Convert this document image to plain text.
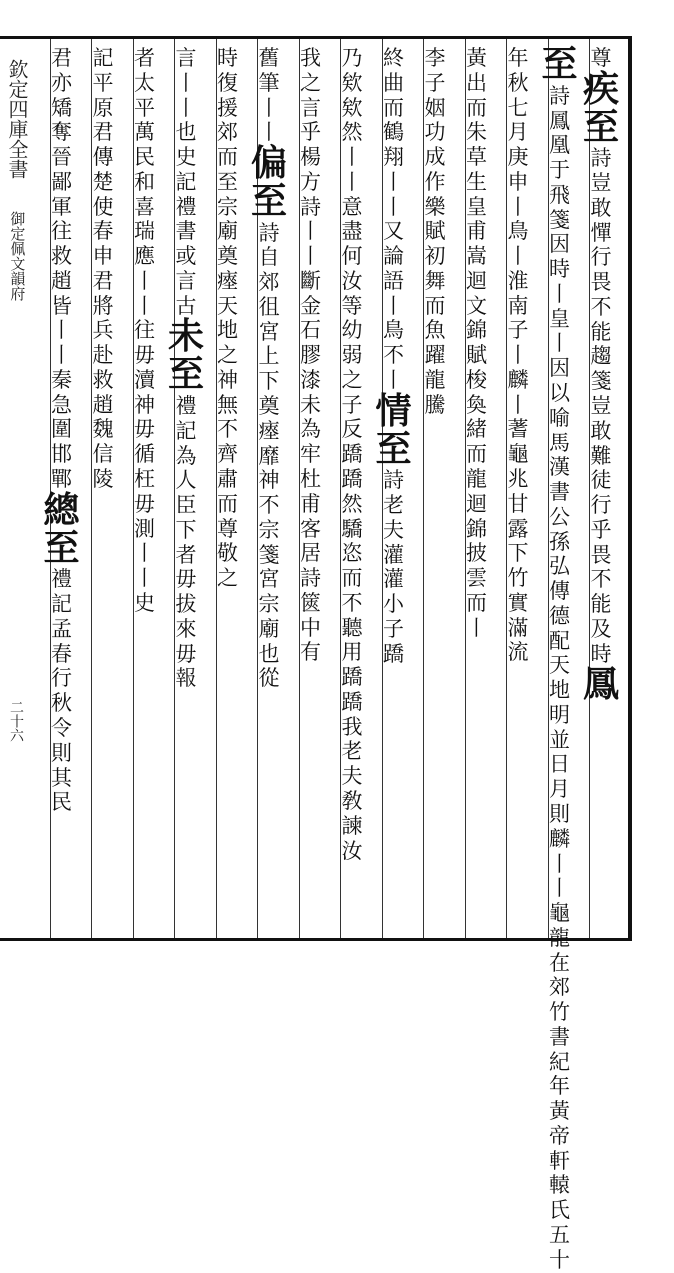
欽定四庫全書
御定佩文韻府
二十六
尊
疾
至
詩
豈
敢
憚
行
畏
不
能
趨
箋
豈
敢
難
徒
行
乎
畏
不
能
及
時
鳳
至
詩
鳳
凰
于
飛
箋
因
時
丨
皇
丨
因
以
喻
馬
漢
書
公
孫
弘
傳
德
配
天
地
明
並
日
月
則
麟
丨
丨
龜
龍
在
郊
竹
書
紀
年
黃
帝
軒
轅
氏
五
十
年
秋
七
月
庚
申
丨
鳥
丨
淮
南
子
丨
麟
丨
蓍
龜
兆
甘
露
下
竹
實
滿
流
黃
出
而
朱
草
生
皇
甫
嵩
迴
文
錦
賦
梭
奐
緒
而
龍
迴
錦
披
雲
而
丨
李
子
姻
功
成
作
樂
賦
初
舞
而
魚
躍
龍
騰
終
曲
而
鶴
翔
丨
丨
又
論
語
丨
鳥
不
丨
情
至
詩
老
夫
灌
灌
小
子
蹻
乃
欸
欸
然
丨
丨
意
盡
何
汝
等
幼
弱
之
子
反
蹻
蹻
然
驕
恣
而
不
聽
用
蹻
蹻
我
老
夫
敎
諫
汝
我
之
言
乎
楊
方
詩
丨
丨
斷
金
石
膠
漆
未
為
牢
杜
甫
客
居
詩
篋
中
有
舊
筆
丨
丨
偏
至
詩
自
郊
徂
宮
上
下
奠
瘞
靡
神
不
宗
箋
宮
宗
廟
也
從
時
復
援
郊
而
至
宗
廟
奠
瘞
天
地
之
神
無
不
齊
肅
而
尊
敬
之
言
丨
丨
也
史
記
禮
書
或
言
古
未
至
禮
記
為
人
臣
下
者
毋
拔
來
毋
報
者
太
平
萬
民
和
喜
瑞
應
丨
丨
往
毋
瀆
神
毋
循
枉
毋
測
丨
丨
史
記
平
原
君
傳
楚
使
春
申
君
將
兵
赴
救
趙
魏
信
陵
君
亦
矯
奪
晉
鄙
軍
往
救
趙
皆
丨
丨
秦
急
圍
邯
鄲
總
至
禮
記
孟
春
行
秋
令
則
其
民
